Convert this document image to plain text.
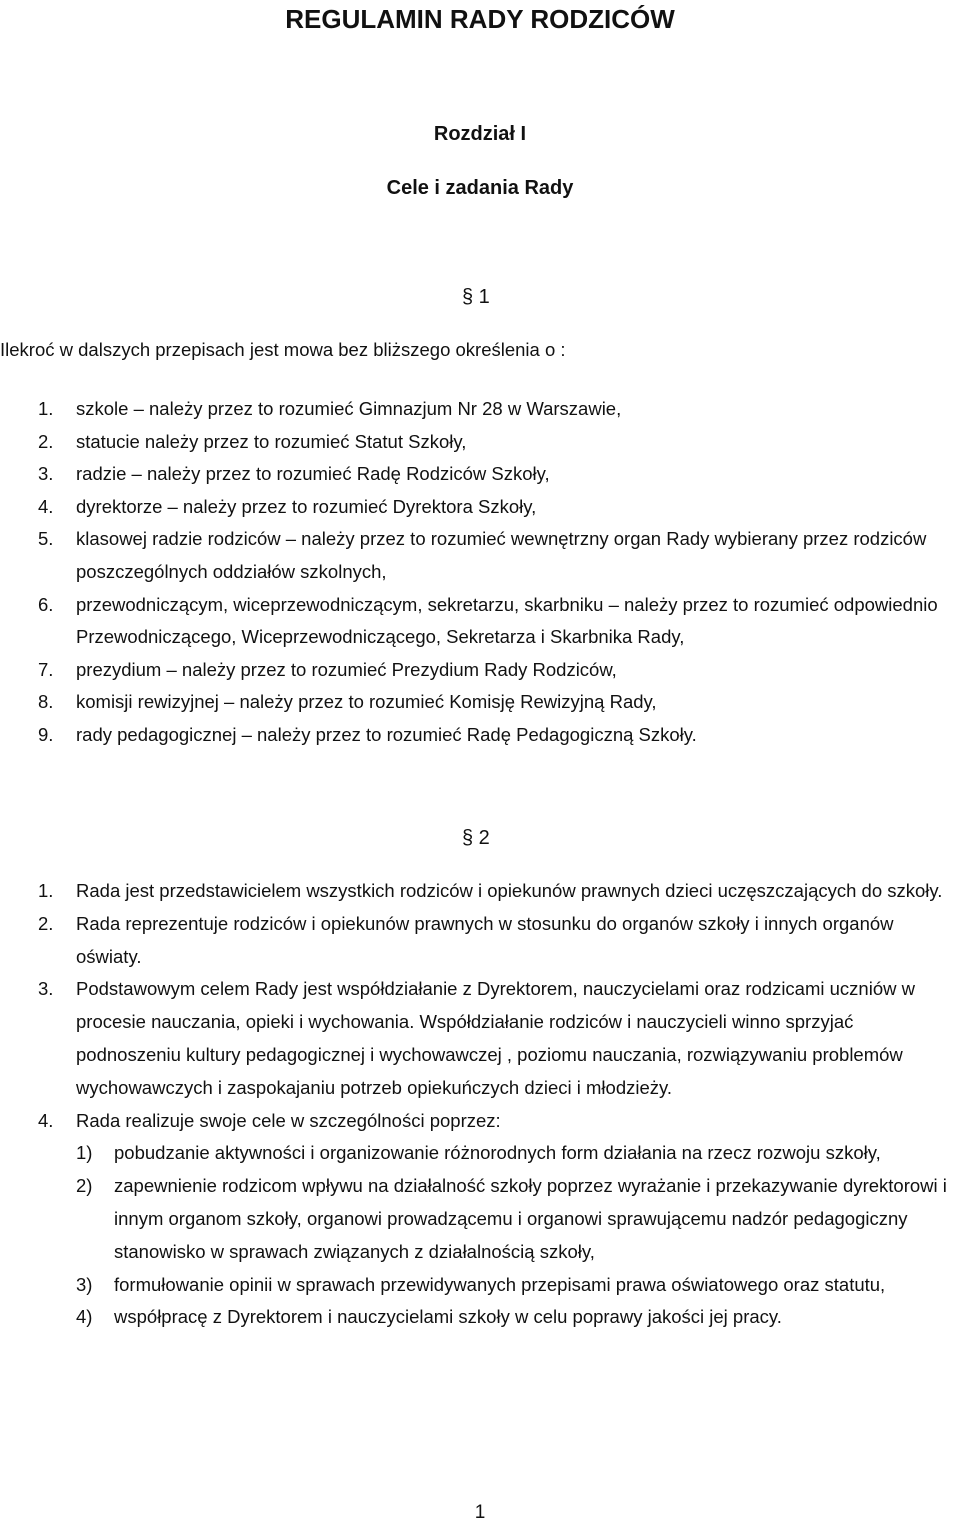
REGULAMIN RADY RODZICÓW
Rozdział I
Cele i zadania Rady
§ 1
Ilekroć w dalszych przepisach jest mowa bez bliższego określenia o :
1. szkole – należy przez to rozumieć Gimnazjum Nr 28 w Warszawie,
2. statucie należy przez to rozumieć Statut Szkoły,
3. radzie – należy przez to rozumieć Radę Rodziców Szkoły,
4. dyrektorze – należy przez to rozumieć Dyrektora Szkoły,
5. klasowej radzie rodziców – należy przez to rozumieć wewnętrzny organ Rady wybierany przez rodziców poszczególnych oddziałów szkolnych,
6. przewodniczącym, wiceprzewodniczącym, sekretarzu, skarbniku – należy przez to rozumieć odpowiednio Przewodniczącego, Wiceprzewodniczącego, Sekretarza i Skarbnika Rady,
7. prezydium – należy przez to rozumieć Prezydium Rady Rodziców,
8. komisji rewizyjnej – należy przez to rozumieć Komisję Rewizyjną Rady,
9. rady pedagogicznej – należy przez to rozumieć Radę Pedagogiczną Szkoły.
§ 2
1. Rada jest przedstawicielem wszystkich rodziców i opiekunów prawnych dzieci uczęszczających do szkoły.
2. Rada reprezentuje rodziców i opiekunów prawnych w stosunku do organów szkoły i innych organów oświaty.
3. Podstawowym celem Rady jest współdziałanie z Dyrektorem, nauczycielami oraz rodzicami uczniów w procesie nauczania, opieki i wychowania. Współdziałanie rodziców i nauczycieli winno sprzyjać podnoszeniu kultury pedagogicznej i wychowawczej , poziomu nauczania, rozwiązywaniu problemów wychowawczych i zaspokajaniu potrzeb opiekuńczych dzieci i młodzieży.
4. Rada realizuje swoje cele w szczególności poprzez:
1) pobudzanie aktywności i organizowanie różnorodnych form działania na rzecz rozwoju szkoły,
2) zapewnienie rodzicom wpływu na działalność szkoły poprzez wyrażanie i przekazywanie dyrektorowi i innym organom szkoły, organowi prowadzącemu i organowi sprawującemu nadzór pedagogiczny stanowisko w sprawach związanych z działalnością szkoły,
3) formułowanie opinii w sprawach przewidywanych przepisami prawa oświatowego oraz statutu,
4) współpracę z Dyrektorem i nauczycielami szkoły w celu poprawy jakości jej pracy.
1
